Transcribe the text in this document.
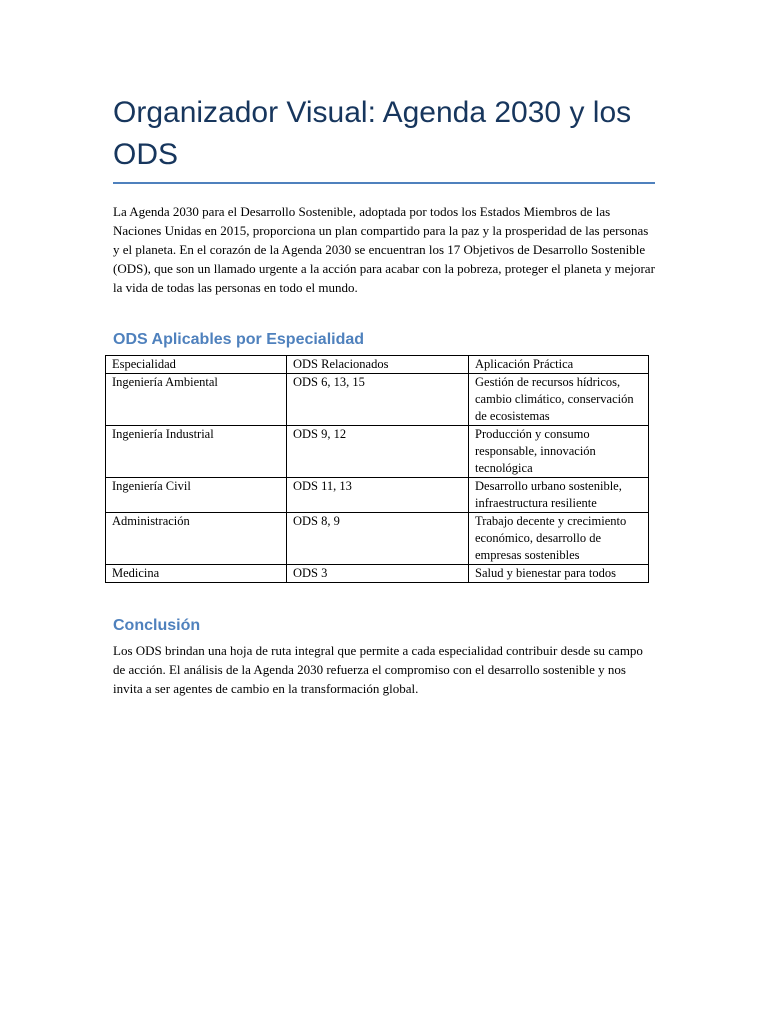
Organizador Visual: Agenda 2030 y los ODS

La Agenda 2030 para el Desarrollo Sostenible, adoptada por todos los Estados Miembros de las Naciones Unidas en 2015, proporciona un plan compartido para la paz y la prosperidad de las personas y el planeta. En el corazón de la Agenda 2030 se encuentran los 17 Objetivos de Desarrollo Sostenible (ODS), que son un llamado urgente a la acción para acabar con la pobreza, proteger el planeta y mejorar la vida de todas las personas en todo el mundo.

ODS Aplicables por Especialidad
Especialidad	ODS Relacionados	Aplicación Práctica
Ingeniería Ambiental	ODS 6, 13, 15	Gestión de recursos hídricos, cambio climático, conservación de ecosistemas
Ingeniería Industrial	ODS 9, 12	Producción y consumo responsable, innovación tecnológica
Ingeniería Civil	ODS 11, 13	Desarrollo urbano sostenible, infraestructura resiliente
Administración	ODS 8, 9	Trabajo decente y crecimiento económico, desarrollo de empresas sostenibles
Medicina	ODS 3	Salud y bienestar para todos
Conclusión

Los ODS brindan una hoja de ruta integral que permite a cada especialidad contribuir desde su campo de acción. El análisis de la Agenda 2030 refuerza el compromiso con el desarrollo sostenible y nos invita a ser agentes de cambio en la transformación global.
